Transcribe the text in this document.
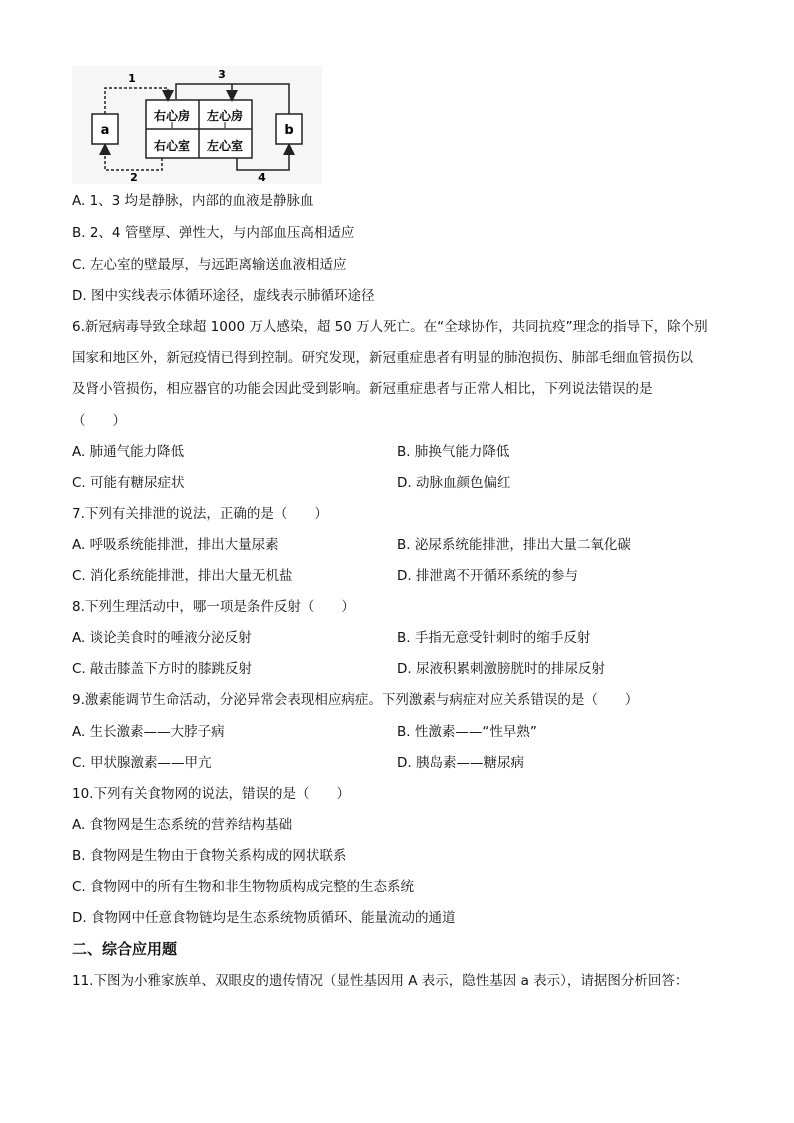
a	b
右心房 左心房
右心室 左心室
1	3
2	4
A. 1、3 均是静脉，内部的血液是静脉血
B. 2、4 管壁厚、弹性大，与内部血压高相适应
C. 左心室的壁最厚，与远距离输送血液相适应
D. 图中实线表示体循环途径，虚线表示肺循环途径
6.新冠病毒导致全球超 1000 万人感染，超 50 万人死亡。在“全球协作，共同抗疫”理念的指导下，除个别
国家和地区外，新冠疫情已得到控制。研究发现，新冠重症患者有明显的肺泡损伤、肺部毛细血管损伤以
及肾小管损伤，相应器官的功能会因此受到影响。新冠重症患者与正常人相比，下列说法错误的是
（　　）
A. 肺通气能力降低	B. 肺换气能力降低
C. 可能有糖尿症状	D. 动脉血颜色偏红
7.下列有关排泄的说法，正确的是（　　）
A. 呼吸系统能排泄，排出大量尿素	B. 泌尿系统能排泄，排出大量二氧化碳
C. 消化系统能排泄，排出大量无机盐	D. 排泄离不开循环系统的参与
8.下列生理活动中，哪一项是条件反射（　　）
A. 谈论美食时的唾液分泌反射	B. 手指无意受针刺时的缩手反射
C. 敲击膝盖下方时的膝跳反射	D. 尿液积累刺激膀胱时的排尿反射
9.激素能调节生命活动，分泌异常会表现相应病症。下列激素与病症对应关系错误的是（　　）
A. 生长激素——大脖子病	B. 性激素——“性早熟”
C. 甲状腺激素——甲亢	D. 胰岛素——糖尿病
10.下列有关食物网的说法，错误的是（　　）
A. 食物网是生态系统的营养结构基础
B. 食物网是生物由于食物关系构成的网状联系
C. 食物网中的所有生物和非生物物质构成完整的生态系统
D. 食物网中任意食物链均是生态系统物质循环、能量流动的通道
二、综合应用题
11.下图为小雅家族单、双眼皮的遗传情况（显性基因用 A 表示，隐性基因 a 表示），请据图分析回答：
